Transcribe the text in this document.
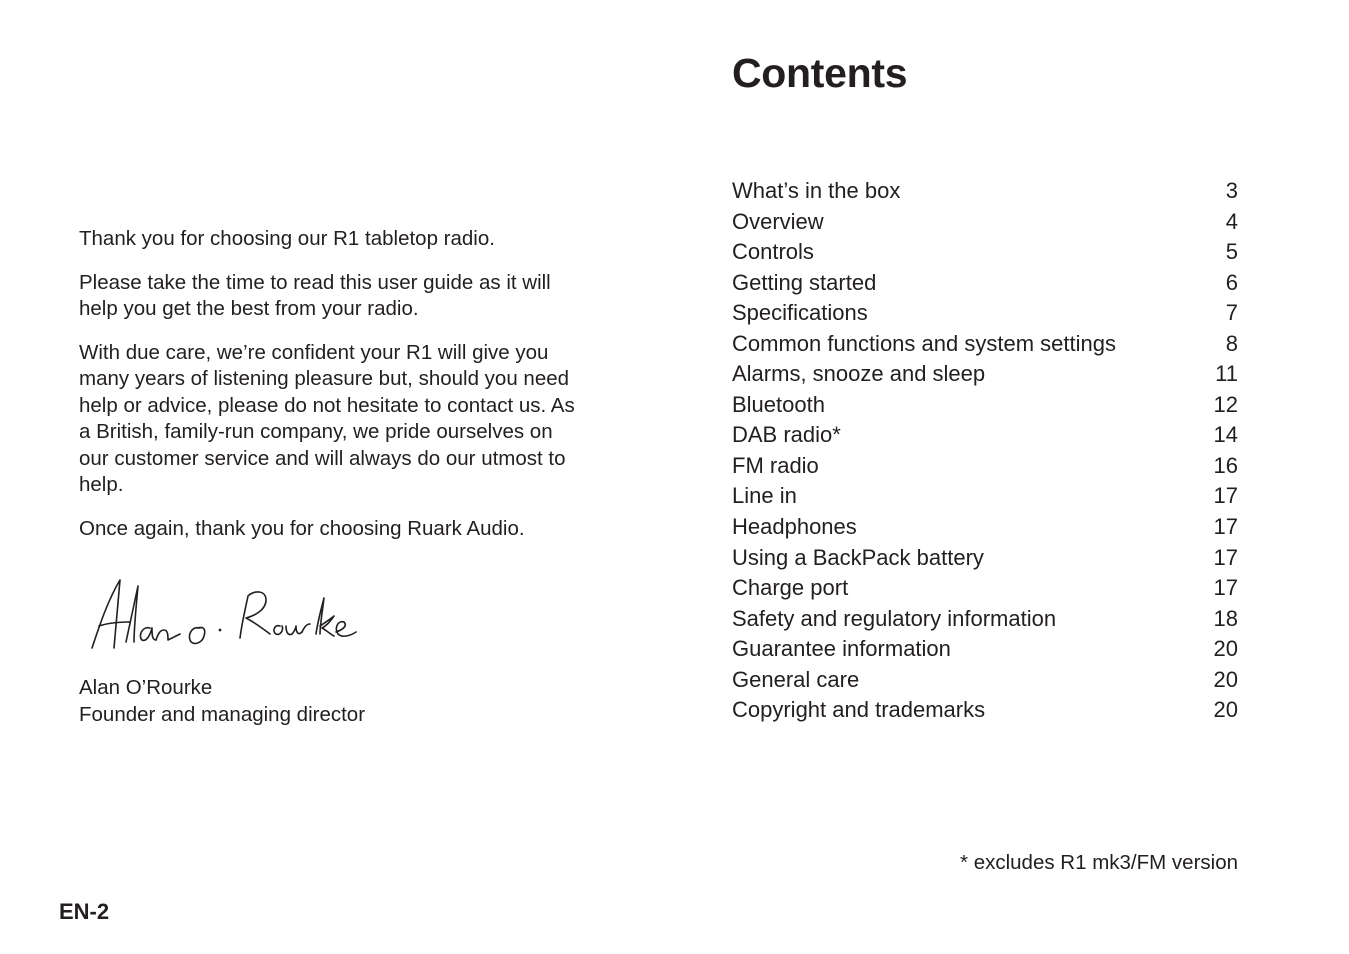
Thank you for choosing our R1 tabletop radio.

Please take the time to read this user guide as it will help you get the best from your radio.

With due care, we’re confident your R1 will give you many years of listening pleasure but, should you need help or advice, please do not hesitate to contact us. As a British, family-run company, we pride ourselves on our customer service and will always do our utmost to help.

Once again, thank you for choosing Ruark Audio.

Alan O’Rourke
Founder and managing director
Contents
What’s in the box	3
Overview	4
Controls	5
Getting started	6
Specifications	7
Common functions and system settings	8
Alarms, snooze and sleep	11
Bluetooth	12
DAB radio*	14
FM radio	16
Line in	17
Headphones	17
Using a BackPack battery	17
Charge port	17
Safety and regulatory information	18
Guarantee information	20
General care	20
Copyright and trademarks	20
* excludes R1 mk3/FM version
EN-2
